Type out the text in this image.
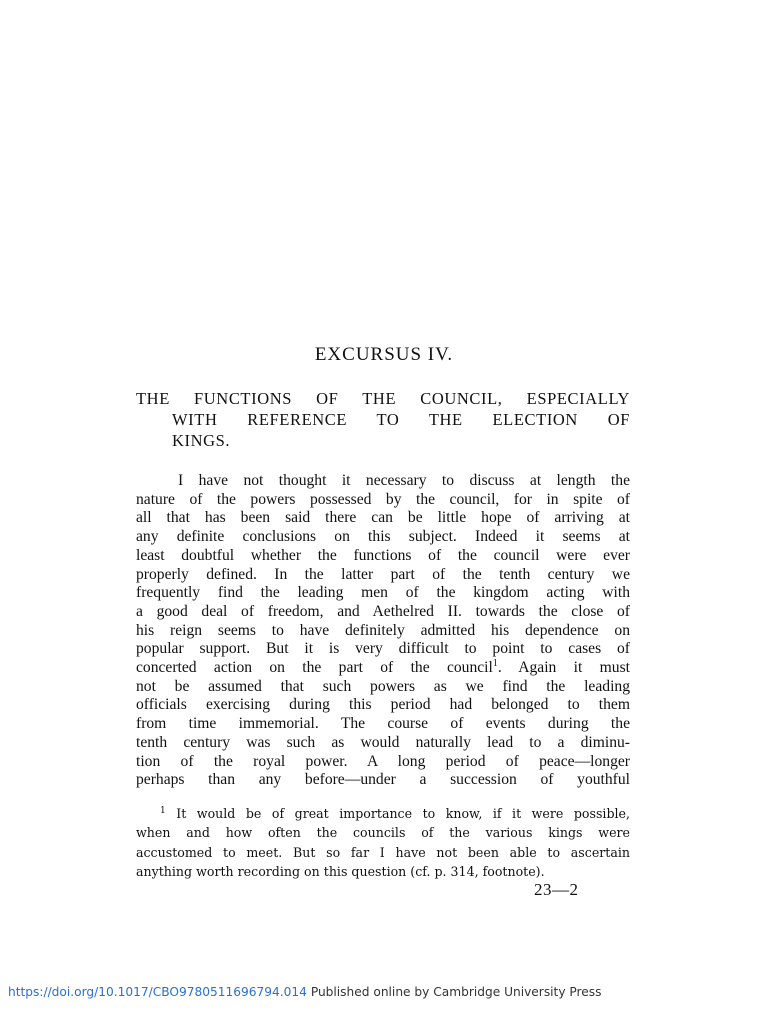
EXCURSUS IV.
THE FUNCTIONS OF THE COUNCIL, ESPECIALLY
WITH REFERENCE TO THE ELECTION OF
KINGS.
I have not thought it necessary to discuss at length the
nature of the powers possessed by the council, for in spite of
all that has been said there can be little hope of arriving at
any definite conclusions on this subject. Indeed it seems at
least doubtful whether the functions of the council were ever
properly defined. In the latter part of the tenth century we
frequently find the leading men of the kingdom acting with
a good deal of freedom, and Aethelred II. towards the close of
his reign seems to have definitely admitted his dependence on
popular support. But it is very difficult to point to cases of
concerted action on the part of the council$^1$. Again it must
not be assumed that such powers as we find the leading
officials exercising during this period had belonged to them
from time immemorial. The course of events during the
tenth century was such as would naturally lead to a diminu-
tion of the royal power. A long period of peace—longer
perhaps than any before—under a succession of youthful
$^1$ It would be of great importance to know, if it were possible,
when and how often the councils of the various kings were
accustomed to meet. But so far I have not been able to ascertain
anything worth recording on this question (cf. p. 314, footnote).
23—2
https://doi.org/10.1017/CBO9780511696794.014 Published online by Cambridge University Press
